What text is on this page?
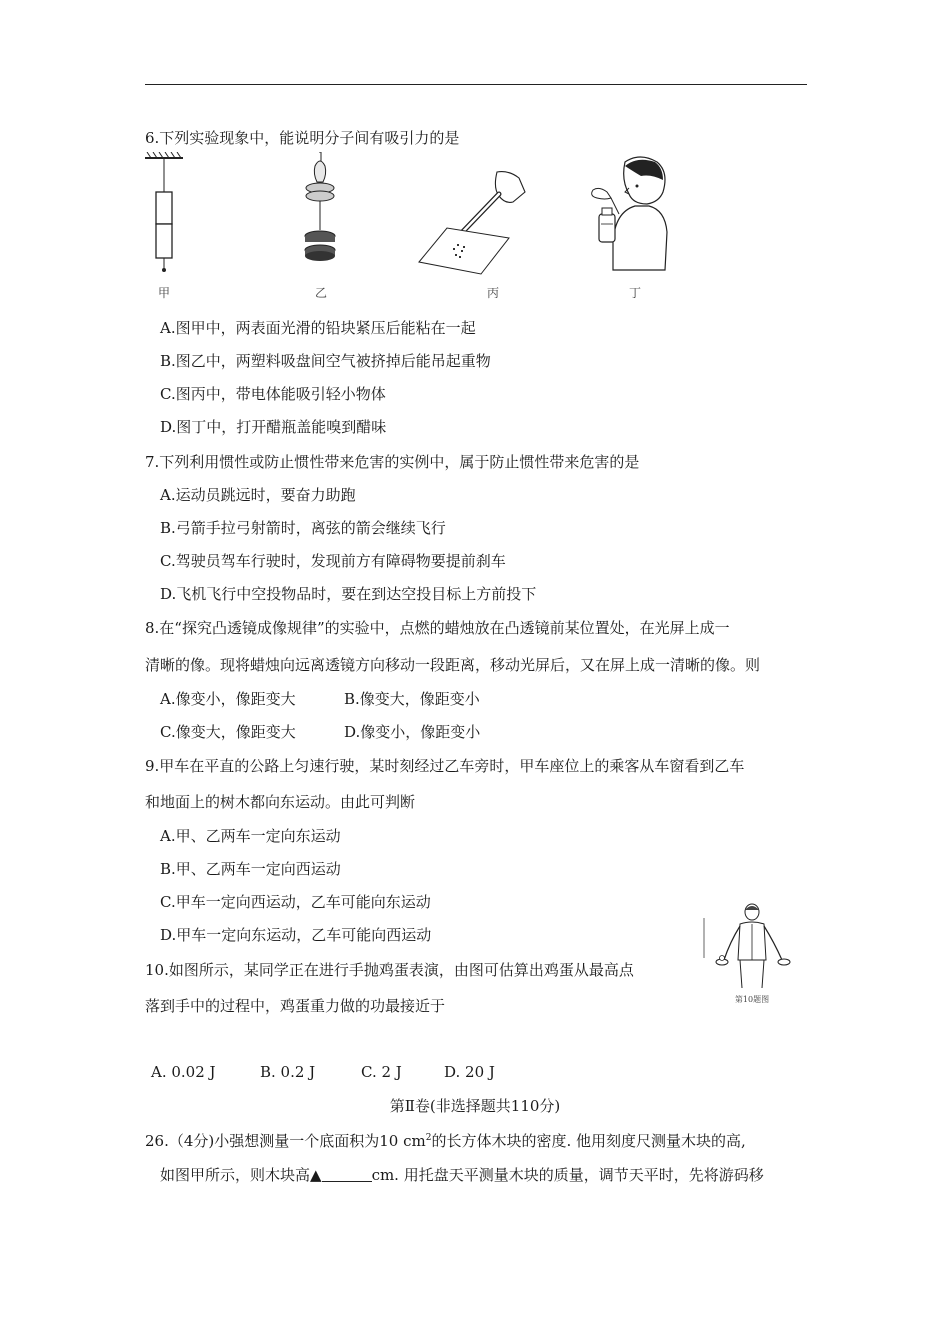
6.下列实验现象中，能说明分子间有吸引力的是
甲	乙	丙	丁
A.图甲中，两表面光滑的铅块紧压后能粘在一起
B.图乙中，两塑料吸盘间空气被挤掉后能吊起重物
C.图丙中，带电体能吸引轻小物体
D.图丁中，打开醋瓶盖能嗅到醋味
7.下列利用惯性或防止惯性带来危害的实例中，属于防止惯性带来危害的是
A.运动员跳远时，要奋力助跑
B.弓箭手拉弓射箭时，离弦的箭会继续飞行
C.驾驶员驾车行驶时，发现前方有障碍物要提前刹车
D.飞机飞行中空投物品时，要在到达空投目标上方前投下
8.在“探究凸透镜成像规律”的实验中，点燃的蜡烛放在凸透镜前某位置处，在光屏上成一
清晰的像。现将蜡烛向远离透镜方向移动一段距离，移动光屏后，又在屏上成一清晰的像。则
A.像变小，像距变大	B.像变大，像距变小
C.像变大，像距变大	D.像变小，像距变小
9.甲车在平直的公路上匀速行驶，某时刻经过乙车旁时，甲车座位上的乘客从车窗看到乙车
和地面上的树木都向东运动。由此可判断
A.甲、乙两车一定向东运动
B.甲、乙两车一定向西运动
C.甲车一定向西运动，乙车可能向东运动
D.甲车一定向东运动，乙车可能向西运动
10.如图所示，某同学正在进行手抛鸡蛋表演，由图可估算出鸡蛋从最高点
落到手中的过程中，鸡蛋重力做的功最接近于	第10题图
A. 0.02 J	B. 0.2 J	C. 2 J	D. 20 J
第Ⅱ卷(非选择题共110分)
26.（4分)小强想测量一个底面积为10 $cm^2$的长方体木块的密度. 他用刻度尺测量木块的高,
如图甲所示，则木块高▲	cm. 用托盘天平测量木块的质量，调节天平时，先将游码移
